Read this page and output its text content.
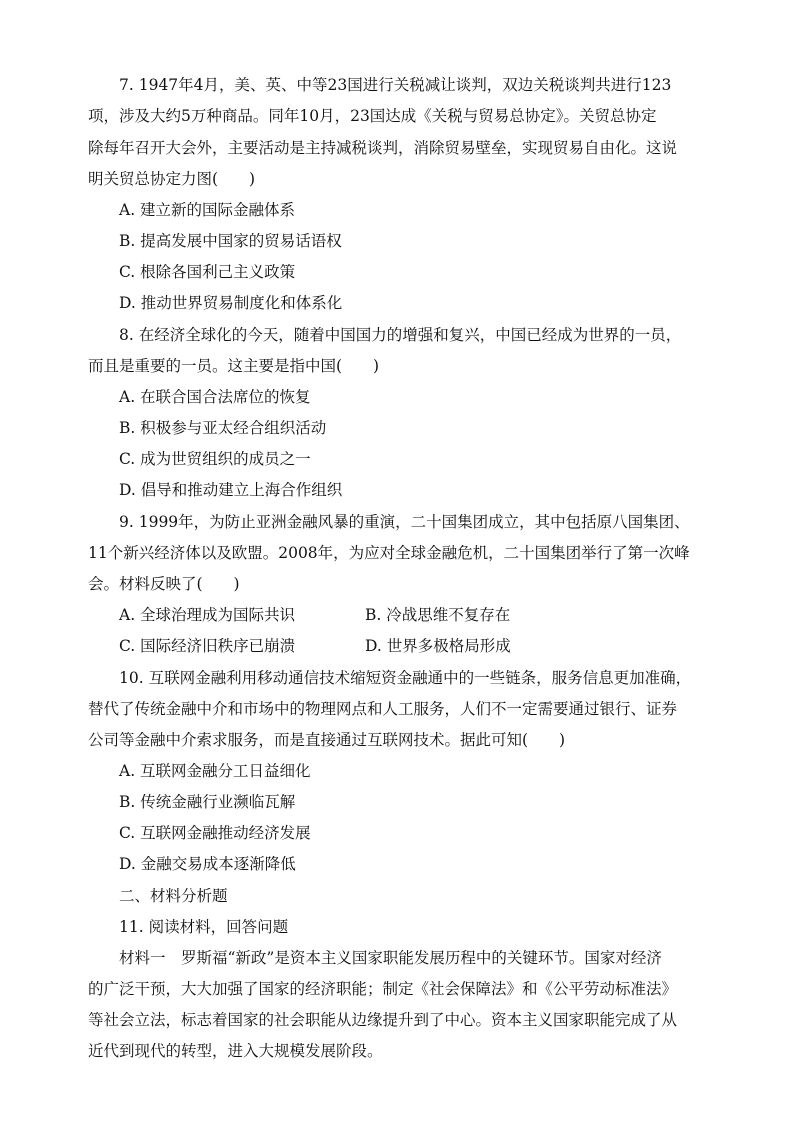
7. 1947年4月，美、英、中等23国进行关税减让谈判，双边关税谈判共进行123
项，涉及大约5万种商品。同年10月，23国达成《关税与贸易总协定》。关贸总协定
除每年召开大会外，主要活动是主持减税谈判，消除贸易壁垒，实现贸易自由化。这说
明关贸总协定力图(　　)
A. 建立新的国际金融体系
B. 提高发展中国家的贸易话语权
C. 根除各国利己主义政策
D. 推动世界贸易制度化和体系化
8. 在经济全球化的今天，随着中国国力的增强和复兴，中国已经成为世界的一员，
而且是重要的一员。这主要是指中国(　　)
A. 在联合国合法席位的恢复
B. 积极参与亚太经合组织活动
C. 成为世贸组织的成员之一
D. 倡导和推动建立上海合作组织
9. 1999年，为防止亚洲金融风暴的重演，二十国集团成立，其中包括原八国集团、
11个新兴经济体以及欧盟。2008年，为应对全球金融危机，二十国集团举行了第一次峰
会。材料反映了(　　)
A. 全球治理成为国际共识	B. 冷战思维不复存在
C. 国际经济旧秩序已崩溃	D. 世界多极格局形成
10. 互联网金融利用移动通信技术缩短资金融通中的一些链条，服务信息更加准确，
替代了传统金融中介和市场中的物理网点和人工服务，人们不一定需要通过银行、证券
公司等金融中介索求服务，而是直接通过互联网技术。据此可知(　　)
A. 互联网金融分工日益细化
B. 传统金融行业濒临瓦解
C. 互联网金融推动经济发展
D. 金融交易成本逐渐降低
二、材料分析题
11. 阅读材料，回答问题
材料一　罗斯福“新政”是资本主义国家职能发展历程中的关键环节。国家对经济
的广泛干预，大大加强了国家的经济职能；制定《社会保障法》和《公平劳动标准法》
等社会立法，标志着国家的社会职能从边缘提升到了中心。资本主义国家职能完成了从
近代到现代的转型，进入大规模发展阶段。
